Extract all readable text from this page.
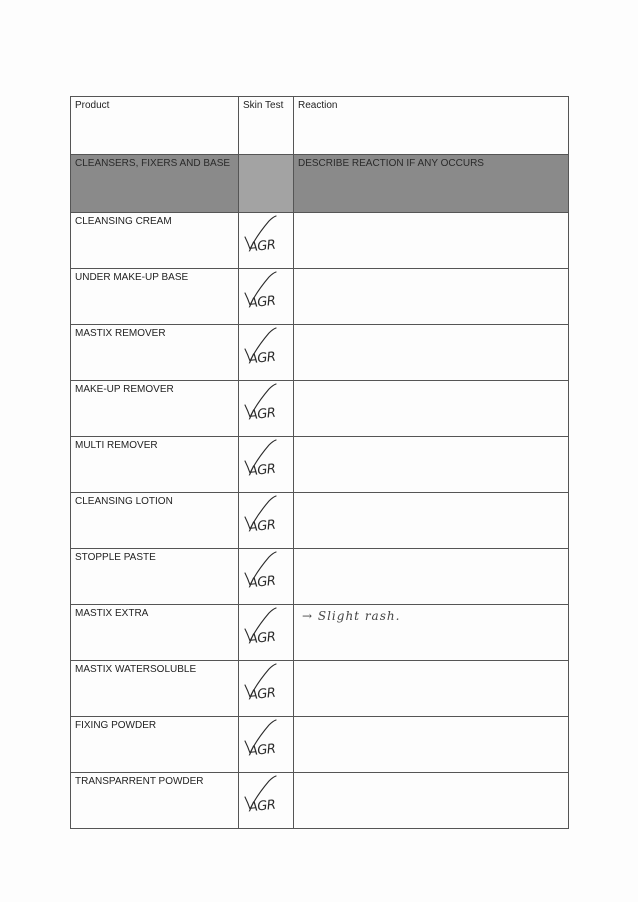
Product	Skin Test	Reaction
CLEANSERS, FIXERS AND BASE		DESCRIBE REACTION IF ANY OCCURS
CLEANSING CREAM	AGR	

UNDER MAKE-UP BASE	AGR	

MASTIX REMOVER	AGR	

MAKE-UP REMOVER	AGR	

MULTI REMOVER	AGR	

CLEANSING LOTION	AGR	

STOPPLE PASTE	AGR	

MASTIX EXTRA	AGR	→ Slight rash.
MASTIX WATERSOLUBLE	AGR	

FIXING POWDER	AGR	

TRANSPARRENT POWDER	AGR	
